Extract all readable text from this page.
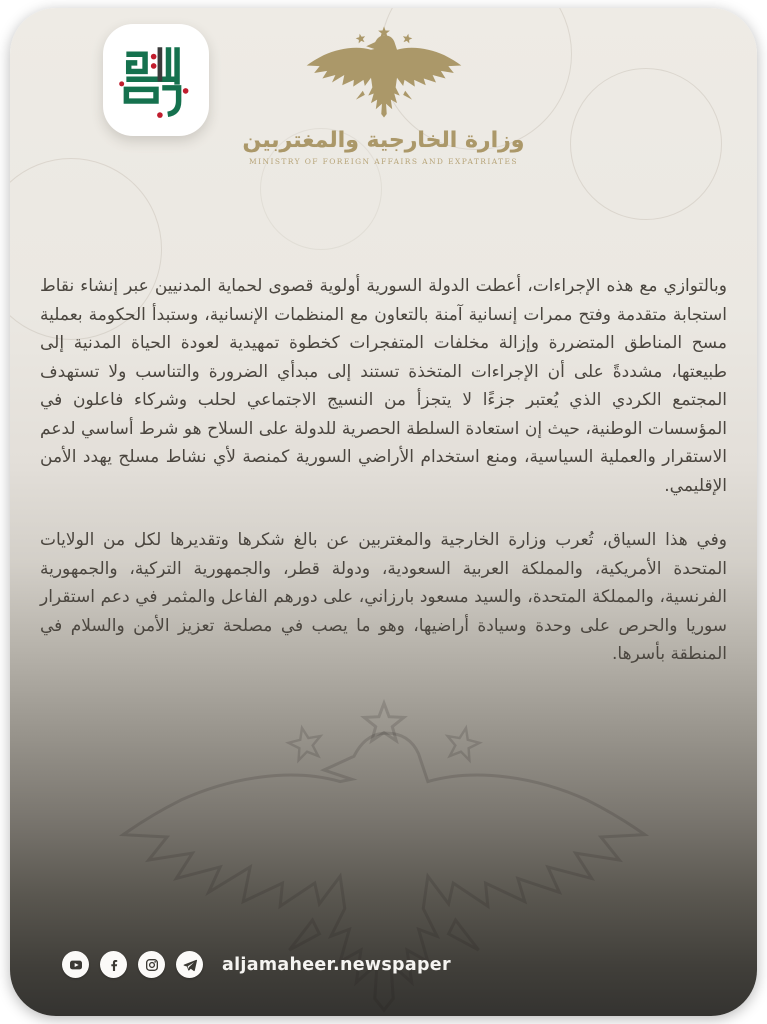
وزارة الخارجية والمغتربين
MINISTRY OF FOREIGN AFFAIRS AND EXPATRIATES

وبالتوازي مع هذه الإجراءات، أعطت الدولة السورية أولوية قصوى لحماية المدنيين عبر إنشاء نقاط استجابة متقدمة وفتح ممرات إنسانية آمنة بالتعاون مع المنظمات الإنسانية، وستبدأ الحكومة بعملية مسح المناطق المتضررة وإزالة مخلفات المتفجرات كخطوة تمهيدية لعودة الحياة المدنية إلى طبيعتها، مشددةً على أن الإجراءات المتخذة تستند إلى مبدأي الضرورة والتناسب ولا تستهدف المجتمع الكردي الذي يُعتبر جزءًا لا يتجزأ من النسيج الاجتماعي لحلب وشركاء فاعلون في المؤسسات الوطنية، حيث إن استعادة السلطة الحصرية للدولة على السلاح هو شرط أساسي لدعم الاستقرار والعملية السياسية، ومنع استخدام الأراضي السورية كمنصة لأي نشاط مسلح يهدد الأمن الإقليمي.

وفي هذا السياق، تُعرب وزارة الخارجية والمغتربين عن بالغ شكرها وتقديرها لكل من الولايات المتحدة الأمريكية، والمملكة العربية السعودية، ودولة قطر، والجمهورية التركية، والجمهورية الفرنسية، والمملكة المتحدة، والسيد مسعود بارزاني، على دورهم الفاعل والمثمر في دعم استقرار سوريا والحرص على وحدة وسيادة أراضيها، وهو ما يصب في مصلحة تعزيز الأمن والسلام في المنطقة بأسرها.

aljamaheer.newspaper
